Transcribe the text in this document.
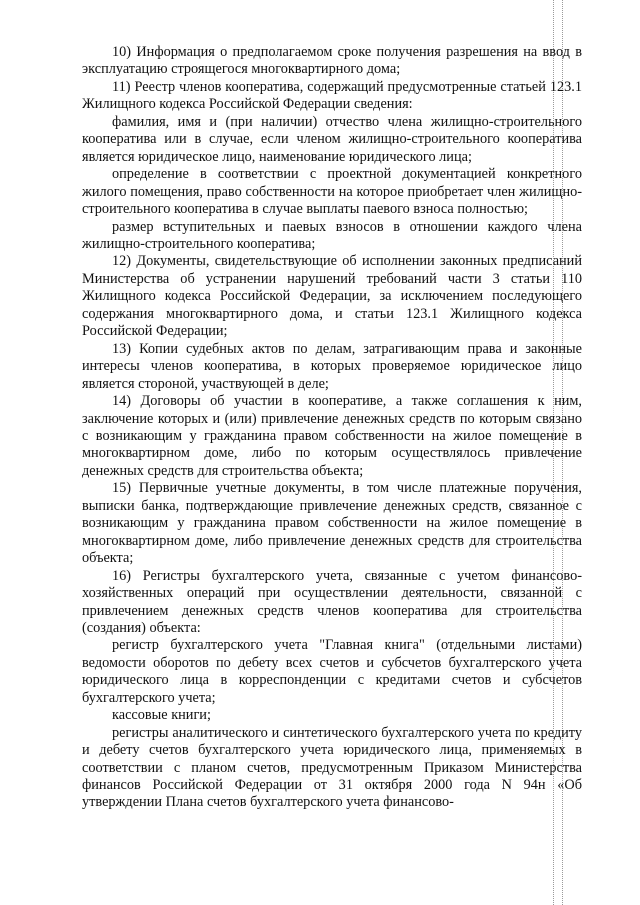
10) Информация о предполагаемом сроке получения разрешения на ввод в эксплуатацию строящегося многоквартирного дома;

11) Реестр членов кооператива, содержащий предусмотренные статьей 123.1 Жилищного кодекса Российской Федерации сведения:

фамилия, имя и (при наличии) отчество члена жилищно-строительного кооператива или в случае, если членом жилищно-строительного кооператива является юридическое лицо, наименование юридического лица;

определение в соответствии с проектной документацией конкретного жилого помещения, право собственности на которое приобретает член жилищно-строительного кооператива в случае выплаты паевого взноса полностью;

размер вступительных и паевых взносов в отношении каждого члена жилищно-строительного кооператива;

12) Документы, свидетельствующие об исполнении законных предписаний Министерства об устранении нарушений требований части 3 статьи 110 Жилищного кодекса Российской Федерации, за исключением последующего содержания многоквартирного дома, и статьи 123.1 Жилищного кодекса Российской Федерации;

13) Копии судебных актов по делам, затрагивающим права и законные интересы членов кооператива, в которых проверяемое юридическое лицо является стороной, участвующей в деле;

14) Договоры об участии в кооперативе, а также соглашения к ним, заключение которых и (или) привлечение денежных средств по которым связано с возникающим у гражданина правом собственности на жилое помещение в многоквартирном доме, либо по которым осуществлялось привлечение денежных средств для строительства объекта;

15) Первичные учетные документы, в том числе платежные поручения, выписки банка, подтверждающие привлечение денежных средств, связанное с возникающим у гражданина правом собственности на жилое помещение в многоквартирном доме, либо привлечение денежных средств для строительства объекта;

16) Регистры бухгалтерского учета, связанные с учетом финансово-хозяйственных операций при осуществлении деятельности, связанной с привлечением денежных средств членов кооператива для строительства (создания) объекта:

регистр бухгалтерского учета "Главная книга" (отдельными листами) ведомости оборотов по дебету всех счетов и субсчетов бухгалтерского учета юридического лица в корреспонденции с кредитами счетов и субсчетов бухгалтерского учета;

кассовые книги;

регистры аналитического и синтетического бухгалтерского учета по кредиту и дебету счетов бухгалтерского учета юридического лица, применяемых в соответствии с планом счетов, предусмотренным Приказом Министерства финансов Российской Федерации от 31 октября 2000 года N 94н «Об утверждении Плана счетов бухгалтерского учета финансово-
